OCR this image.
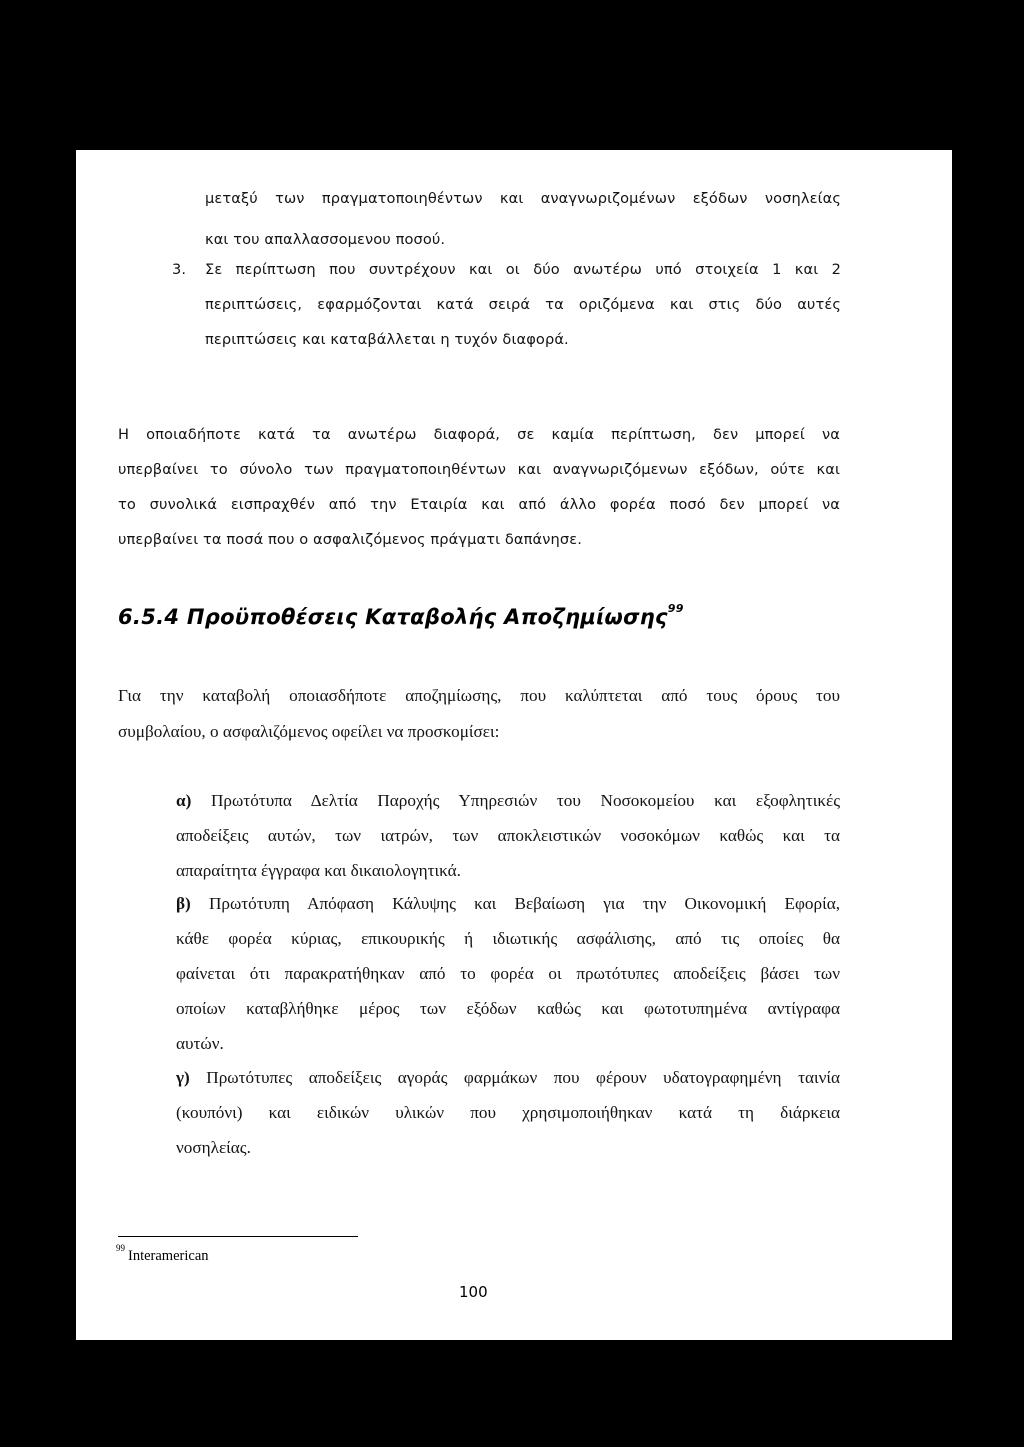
μεταξύ των πραγματοποιηθέντων και αναγνωριζομένων εξόδων νοσηλείας
και του απαλλασσομενου ποσού.
3. Σε περίπτωση που συντρέχουν και οι δύο ανωτέρω υπό στοιχεία 1 και 2
περιπτώσεις, εφαρμόζονται κατά σειρά τα οριζόμενα και στις δύο αυτές
περιπτώσεις και καταβάλλεται η τυχόν διαφορά.
Η οποιαδήποτε κατά τα ανωτέρω διαφορά, σε καμία περίπτωση, δεν μπορεί να
υπερβαίνει το σύνολο των πραγματοποιηθέντων και αναγνωριζόμενων εξόδων, ούτε και
το συνολικά εισπραχθέν από την Εταιρία και από άλλο φορέα ποσό δεν μπορεί να
υπερβαίνει τα ποσά που ο ασφαλιζόμενος πράγματι δαπάνησε.
6.5.4 Προϋποθέσεις Καταβολής Αποζημίωσης$^{99}$
Για την καταβολή οποιασδήποτε αποζημίωσης, που καλύπτεται από τους όρους του
συμβολαίου, ο ασφαλιζόμενος οφείλει να προσκομίσει:
α) Πρωτότυπα Δελτία Παροχής Υπηρεσιών του Νοσοκομείου και εξοφλητικές
αποδείξεις αυτών, των ιατρών, των αποκλειστικών νοσοκόμων καθώς και τα
απαραίτητα έγγραφα και δικαιολογητικά.
β) Πρωτότυπη Απόφαση Κάλυψης και Βεβαίωση για την Οικονομική Εφορία,
κάθε φορέα κύριας, επικουρικής ή ιδιωτικής ασφάλισης, από τις οποίες θα
φαίνεται ότι παρακρατήθηκαν από το φορέα οι πρωτότυπες αποδείξεις βάσει των
οποίων καταβλήθηκε μέρος των εξόδων καθώς και φωτοτυπημένα αντίγραφα
αυτών.
γ) Πρωτότυπες αποδείξεις αγοράς φαρμάκων που φέρουν υδατογραφημένη ταινία
(κουπόνι) και ειδικών υλικών που χρησιμοποιήθηκαν κατά τη διάρκεια
νοσηλείας.
$^{99}$ Interamerican
100
